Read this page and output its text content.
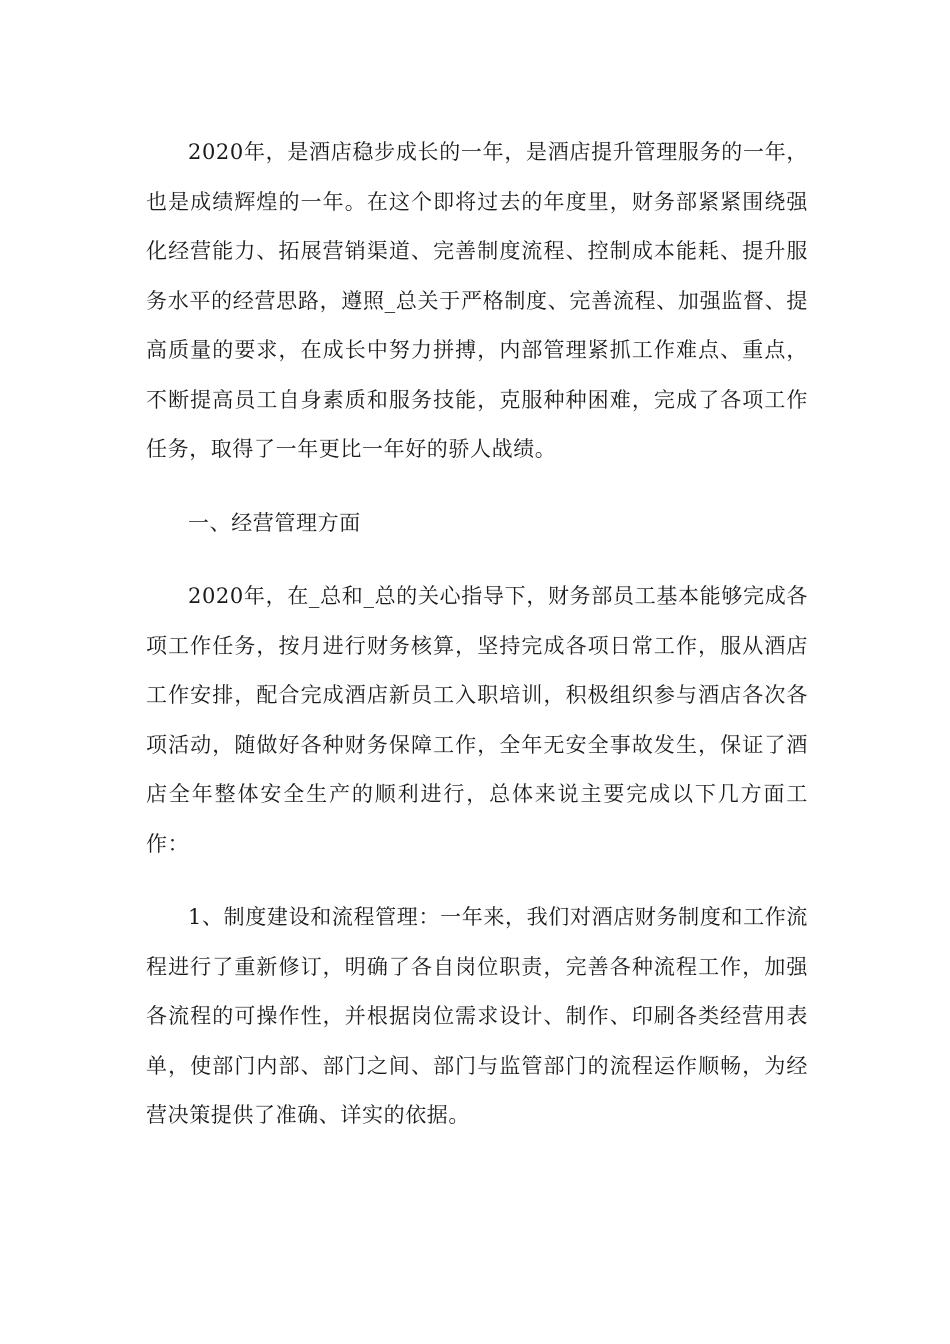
2020年，是酒店稳步成长的一年，是酒店提升管理服务的一年，也是成绩辉煌的一年。在这个即将过去的年度里，财务部紧紧围绕强化经营能力、拓展营销渠道、完善制度流程、控制成本能耗、提升服务水平的经营思路，遵照_总关于严格制度、完善流程、加强监督、提高质量的要求，在成长中努力拼搏，内部管理紧抓工作难点、重点，不断提高员工自身素质和服务技能，克服种种困难，完成了各项工作任务，取得了一年更比一年好的骄人战绩。

一、经营管理方面

2020年，在_总和_总的关心指导下，财务部员工基本能够完成各项工作任务，按月进行财务核算，坚持完成各项日常工作，服从酒店工作安排，配合完成酒店新员工入职培训，积极组织参与酒店各次各项活动，随做好各种财务保障工作，全年无安全事故发生，保证了酒店全年整体安全生产的顺利进行，总体来说主要完成以下几方面工作：

1、制度建设和流程管理：一年来，我们对酒店财务制度和工作流程进行了重新修订，明确了各自岗位职责，完善各种流程工作，加强各流程的可操作性，并根据岗位需求设计、制作、印刷各类经营用表单，使部门内部、部门之间、部门与监管部门的流程运作顺畅，为经营决策提供了准确、详实的依据。
